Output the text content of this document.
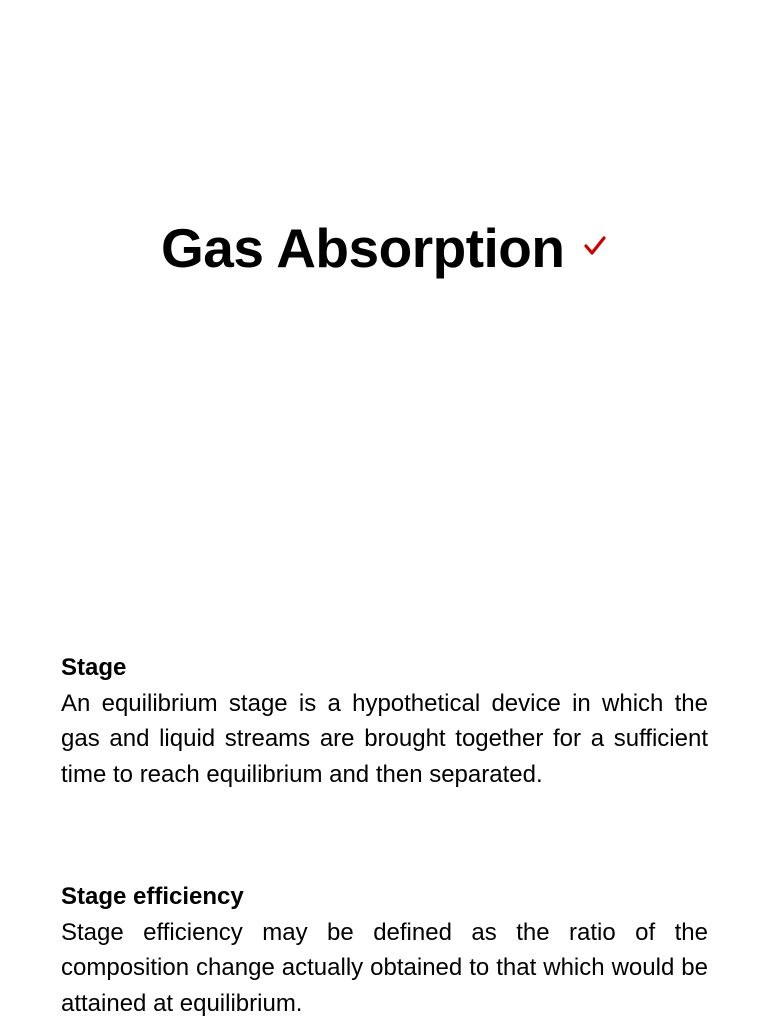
Gas Absorption
Stage
An equilibrium stage is a hypothetical device in which the gas and liquid streams are brought together for a sufficient time to reach equilibrium and then separated.
Stage efficiency
Stage efficiency may be defined as the ratio of the composition change actually obtained to that which would be attained at equilibrium.
